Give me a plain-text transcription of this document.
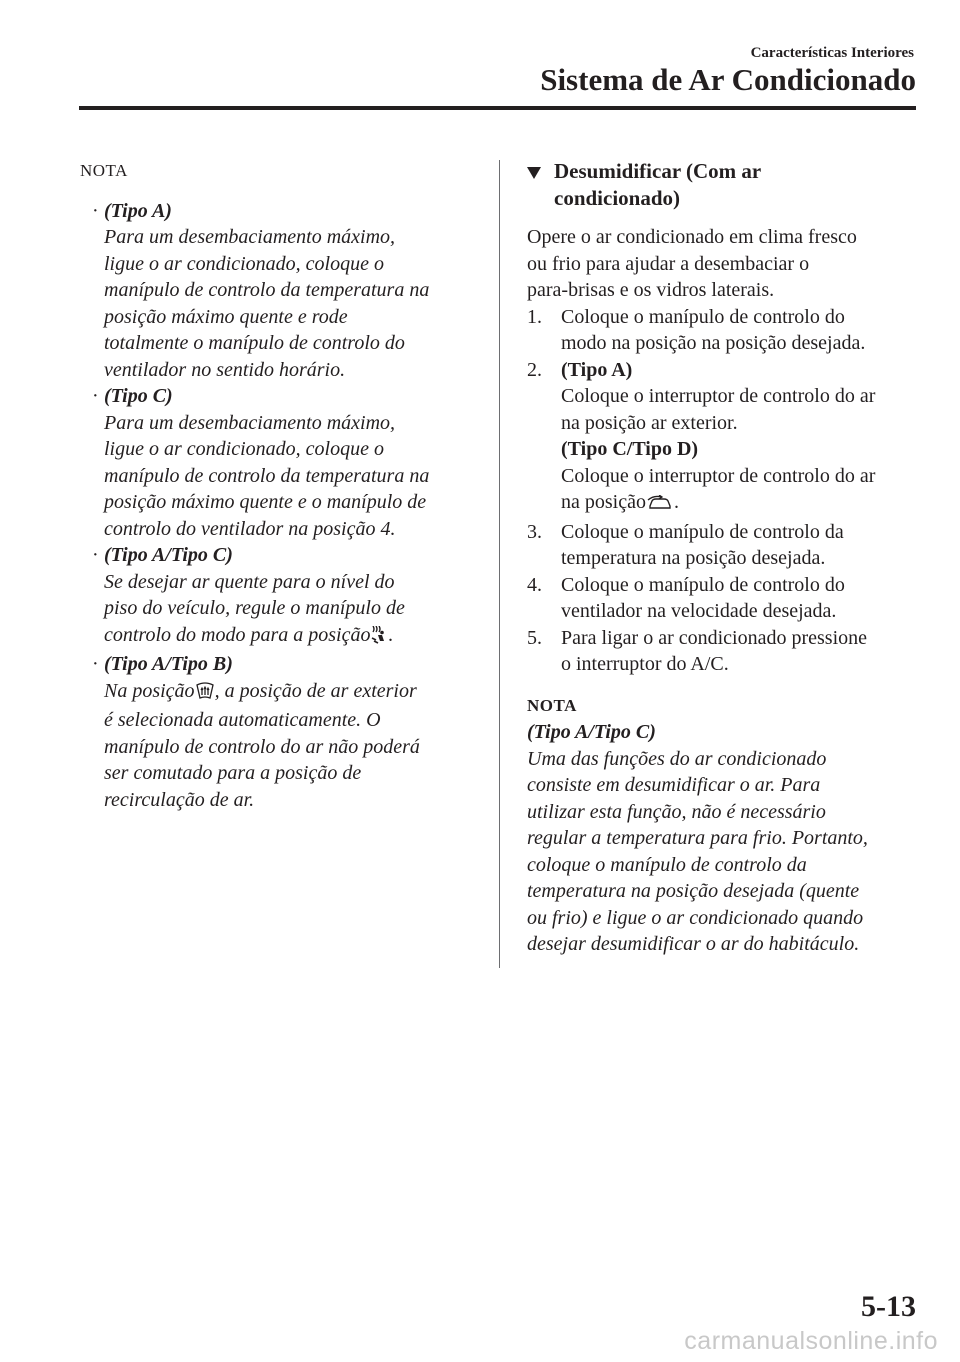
Características Interiores
Sistema de Ar Condicionado
NOTA
· (Tipo A)
Para um desembaciamento máximo,
ligue o ar condicionado, coloque o
manípulo de controlo da temperatura na
posição máximo quente e rode
totalmente o manípulo de controlo do
ventilador no sentido horário.
· (Tipo C)
Para um desembaciamento máximo,
ligue o ar condicionado, coloque o
manípulo de controlo da temperatura na
posição máximo quente e o manípulo de
controlo do ventilador na posição 4.
· (Tipo A/Tipo C)
Se desejar ar quente para o nível do
piso do veículo, regule o manípulo de
controlo do modo para a posição .
· (Tipo A/Tipo B)
Na posição , a posição de ar exterior
é selecionada automaticamente. O
manípulo de controlo do ar não poderá
ser comutado para a posição de
recirculação de ar.
Desumidificar (Com ar
condicionado)
Opere o ar condicionado em clima fresco
ou frio para ajudar a desembaciar o
para-brisas e os vidros laterais.
1. Coloque o manípulo de controlo do
modo na posição na posição desejada.
2. (Tipo A)
Coloque o interruptor de controlo do ar
na posição ar exterior.
(Tipo C/Tipo D)
Coloque o interruptor de controlo do ar
na posição .
3. Coloque o manípulo de controlo da
temperatura na posição desejada.
4. Coloque o manípulo de controlo do
ventilador na velocidade desejada.
5. Para ligar o ar condicionado pressione
o interruptor do A/C.
NOTA
(Tipo A/Tipo C)
Uma das funções do ar condicionado
consiste em desumidificar o ar. Para
utilizar esta função, não é necessário
regular a temperatura para frio. Portanto,
coloque o manípulo de controlo da
temperatura na posição desejada (quente
ou frio) e ligue o ar condicionado quando
desejar desumidificar o ar do habitáculo.
5-13
carmanualsonline.info
